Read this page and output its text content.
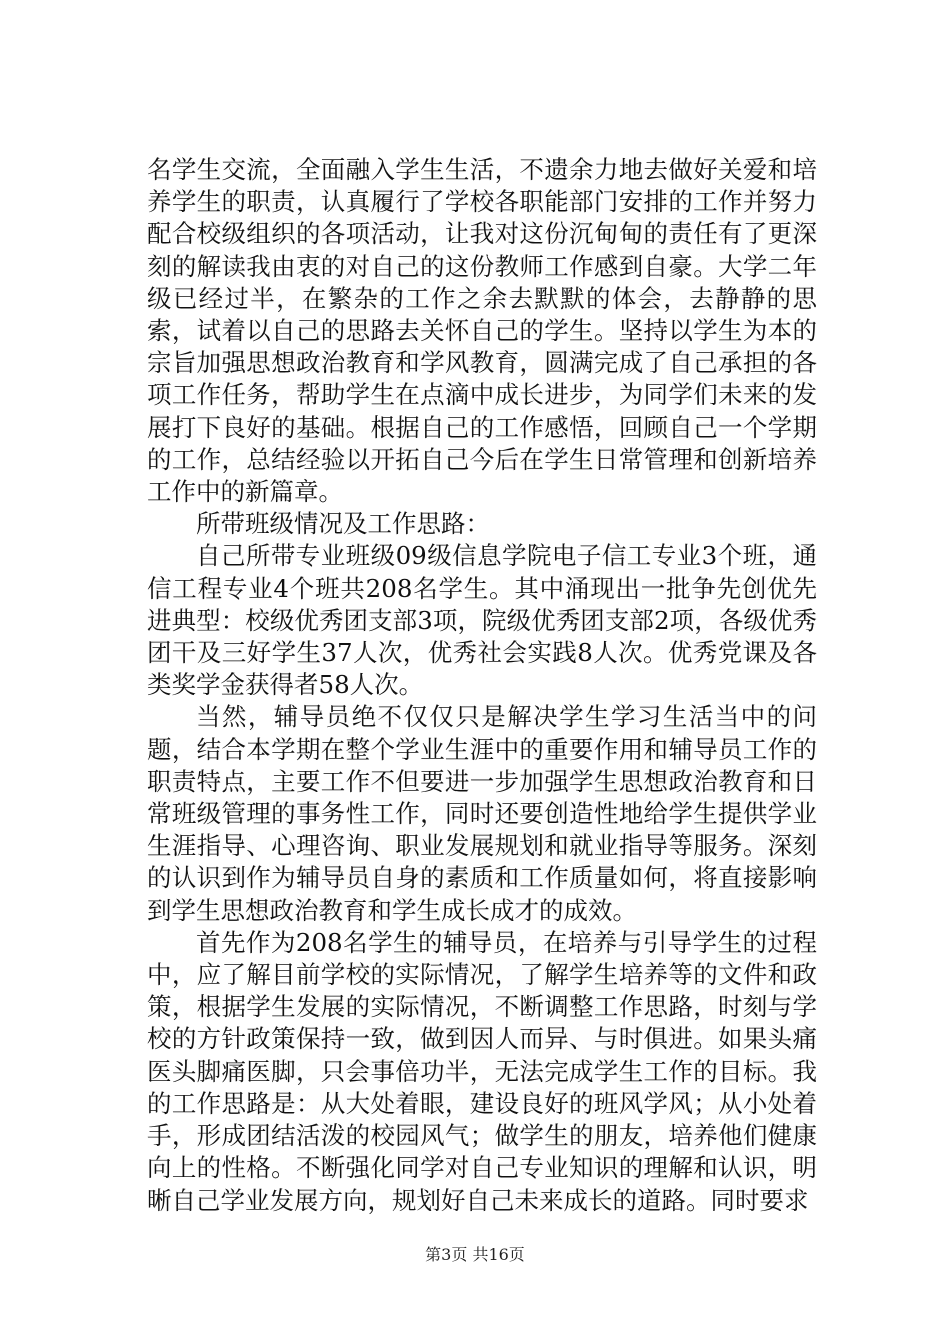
名学生交流，全面融入学生生活，不遗余力地去做好关爱和培养学生的职责，认真履行了学校各职能部门安排的工作并努力配合校级组织的各项活动，让我对这份沉甸甸的责任有了更深刻的解读我由衷的对自己的这份教师工作感到自豪。大学二年级已经过半，在繁杂的工作之余去默默的体会，去静静的思索，试着以自己的思路去关怀自己的学生。坚持以学生为本的宗旨加强思想政治教育和学风教育，圆满完成了自己承担的各项工作任务，帮助学生在点滴中成长进步，为同学们未来的发展打下良好的基础。根据自己的工作感悟，回顾自己一个学期的工作，总结经验以开拓自己今后在学生日常管理和创新培养工作中的新篇章。

所带班级情况及工作思路：

自己所带专业班级09级信息学院电子信工专业3个班，通信工程专业4个班共208名学生。其中涌现出一批争先创优先进典型：校级优秀团支部3项，院级优秀团支部2项，各级优秀团干及三好学生37人次，优秀社会实践8人次。优秀党课及各类奖学金获得者58人次。

当然，辅导员绝不仅仅只是解决学生学习生活当中的问题，结合本学期在整个学业生涯中的重要作用和辅导员工作的职责特点，主要工作不但要进一步加强学生思想政治教育和日常班级管理的事务性工作，同时还要创造性地给学生提供学业生涯指导、心理咨询、职业发展规划和就业指导等服务。深刻的认识到作为辅导员自身的素质和工作质量如何，将直接影响到学生思想政治教育和学生成长成才的成效。

首先作为208名学生的辅导员，在培养与引导学生的过程中，应了解目前学校的实际情况，了解学生培养等的文件和政策，根据学生发展的实际情况，不断调整工作思路，时刻与学校的方针政策保持一致，做到因人而异、与时俱进。如果头痛医头脚痛医脚，只会事倍功半，无法完成学生工作的目标。我的工作思路是：从大处着眼，建设良好的班风学风；从小处着手，形成团结活泼的校园风气；做学生的朋友，培养他们健康向上的性格。不断强化同学对自己专业知识的理解和认识，明晰自己学业发展方向，规划好自己未来成长的道路。同时要求

第3页 共16页
